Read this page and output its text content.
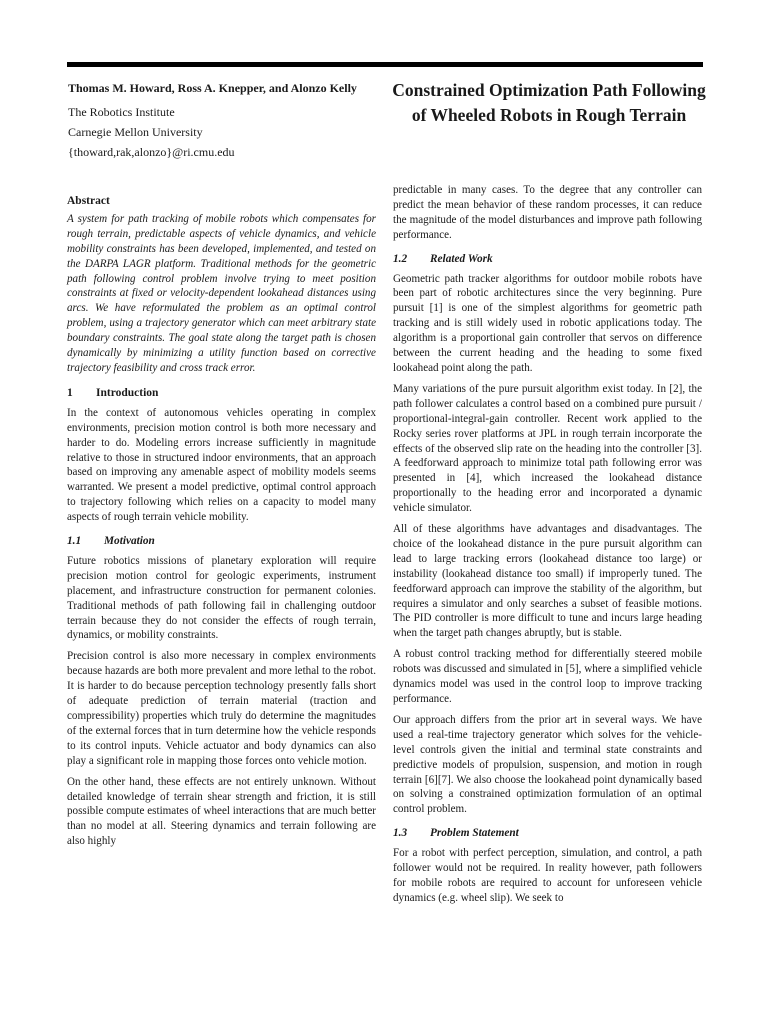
Thomas M. Howard, Ross A. Knepper, and Alonzo Kelly
The Robotics Institute
Carnegie Mellon University
{thoward,rak,alonzo}@ri.cmu.edu
Constrained Optimization Path Following of Wheeled Robots in Rough Terrain
Abstract

A system for path tracking of mobile robots which compensates for rough terrain, predictable aspects of vehicle dynamics, and vehicle mobility constraints has been developed, implemented, and tested on the DARPA LAGR platform. Traditional methods for the geometric path following control problem involve trying to meet position constraints at fixed or velocity-dependent lookahead distances using arcs. We have reformulated the problem as an optimal control problem, using a trajectory generator which can meet arbitrary state boundary constraints. The goal state along the target path is chosen dynamically by minimizing a utility function based on corrective trajectory feasibility and cross track error.

1 Introduction

In the context of autonomous vehicles operating in complex environments, precision motion control is both more necessary and harder to do. Modeling errors increase sufficiently in magnitude relative to those in structured indoor environments, that an approach based on improving any amenable aspect of mobility models seems warranted. We present a model predictive, optimal control approach to trajectory following which relies on a capacity to model many aspects of rough terrain vehicle mobility.

1.1 Motivation

Future robotics missions of planetary exploration will require precision motion control for geologic experiments, instrument placement, and infrastructure construction for permanent colonies. Traditional methods of path following fail in challenging outdoor terrain because they do not consider the effects of rough terrain, dynamics, or mobility constraints.

Precision control is also more necessary in complex environments because hazards are both more prevalent and more lethal to the robot. It is harder to do because perception technology presently falls short of adequate prediction of terrain material (traction and compressibility) properties which truly do determine the magnitudes of the external forces that in turn determine how the vehicle responds to its control inputs. Vehicle actuator and body dynamics can also play a significant role in mapping those forces onto vehicle motion.

On the other hand, these effects are not entirely unknown. Without detailed knowledge of terrain shear strength and friction, it is still possible compute estimates of wheel interactions that are much better than no model at all. Steering dynamics and terrain following are also highly

predictable in many cases. To the degree that any controller can predict the mean behavior of these random processes, it can reduce the magnitude of the model disturbances and improve path following performance.

1.2 Related Work

Geometric path tracker algorithms for outdoor mobile robots have been part of robotic architectures since the very beginning. Pure pursuit [1] is one of the simplest algorithms for geometric path tracking and is still widely used in robotic applications today. The algorithm is a proportional gain controller that servos on difference between the current heading and the heading to some fixed lookahead point along the path.

Many variations of the pure pursuit algorithm exist today. In [2], the path follower calculates a control based on a combined pure pursuit / proportional-integral-gain controller. Recent work applied to the Rocky series rover platforms at JPL in rough terrain incorporate the effects of the observed slip rate on the heading into the controller [3]. A feedforward approach to minimize total path following error was presented in [4], which increased the lookahead distance proportionally to the heading error and incorporated a dynamic vehicle simulator.

All of these algorithms have advantages and disadvantages. The choice of the lookahead distance in the pure pursuit algorithm can lead to large tracking errors (lookahead distance too large) or instability (lookahead distance too small) if improperly tuned. The feedforward approach can improve the stability of the algorithm, but requires a simulator and only searches a subset of feasible motions. The PID controller is more difficult to tune and incurs large heading when the target path changes abruptly, but is stable.

A robust control tracking method for differentially steered mobile robots was discussed and simulated in [5], where a simplified vehicle dynamics model was used in the control loop to improve tracking performance.

Our approach differs from the prior art in several ways. We have used a real-time trajectory generator which solves for the vehicle-level controls given the initial and terminal state constraints and predictive models of propulsion, suspension, and motion in rough terrain [6][7]. We also choose the lookahead point dynamically based on solving a constrained optimization formulation of an optimal control problem.

1.3 Problem Statement

For a robot with perfect perception, simulation, and control, a path follower would not be required. In reality however, path followers for mobile robots are required to account for unforeseen vehicle dynamics (e.g. wheel slip). We seek to
